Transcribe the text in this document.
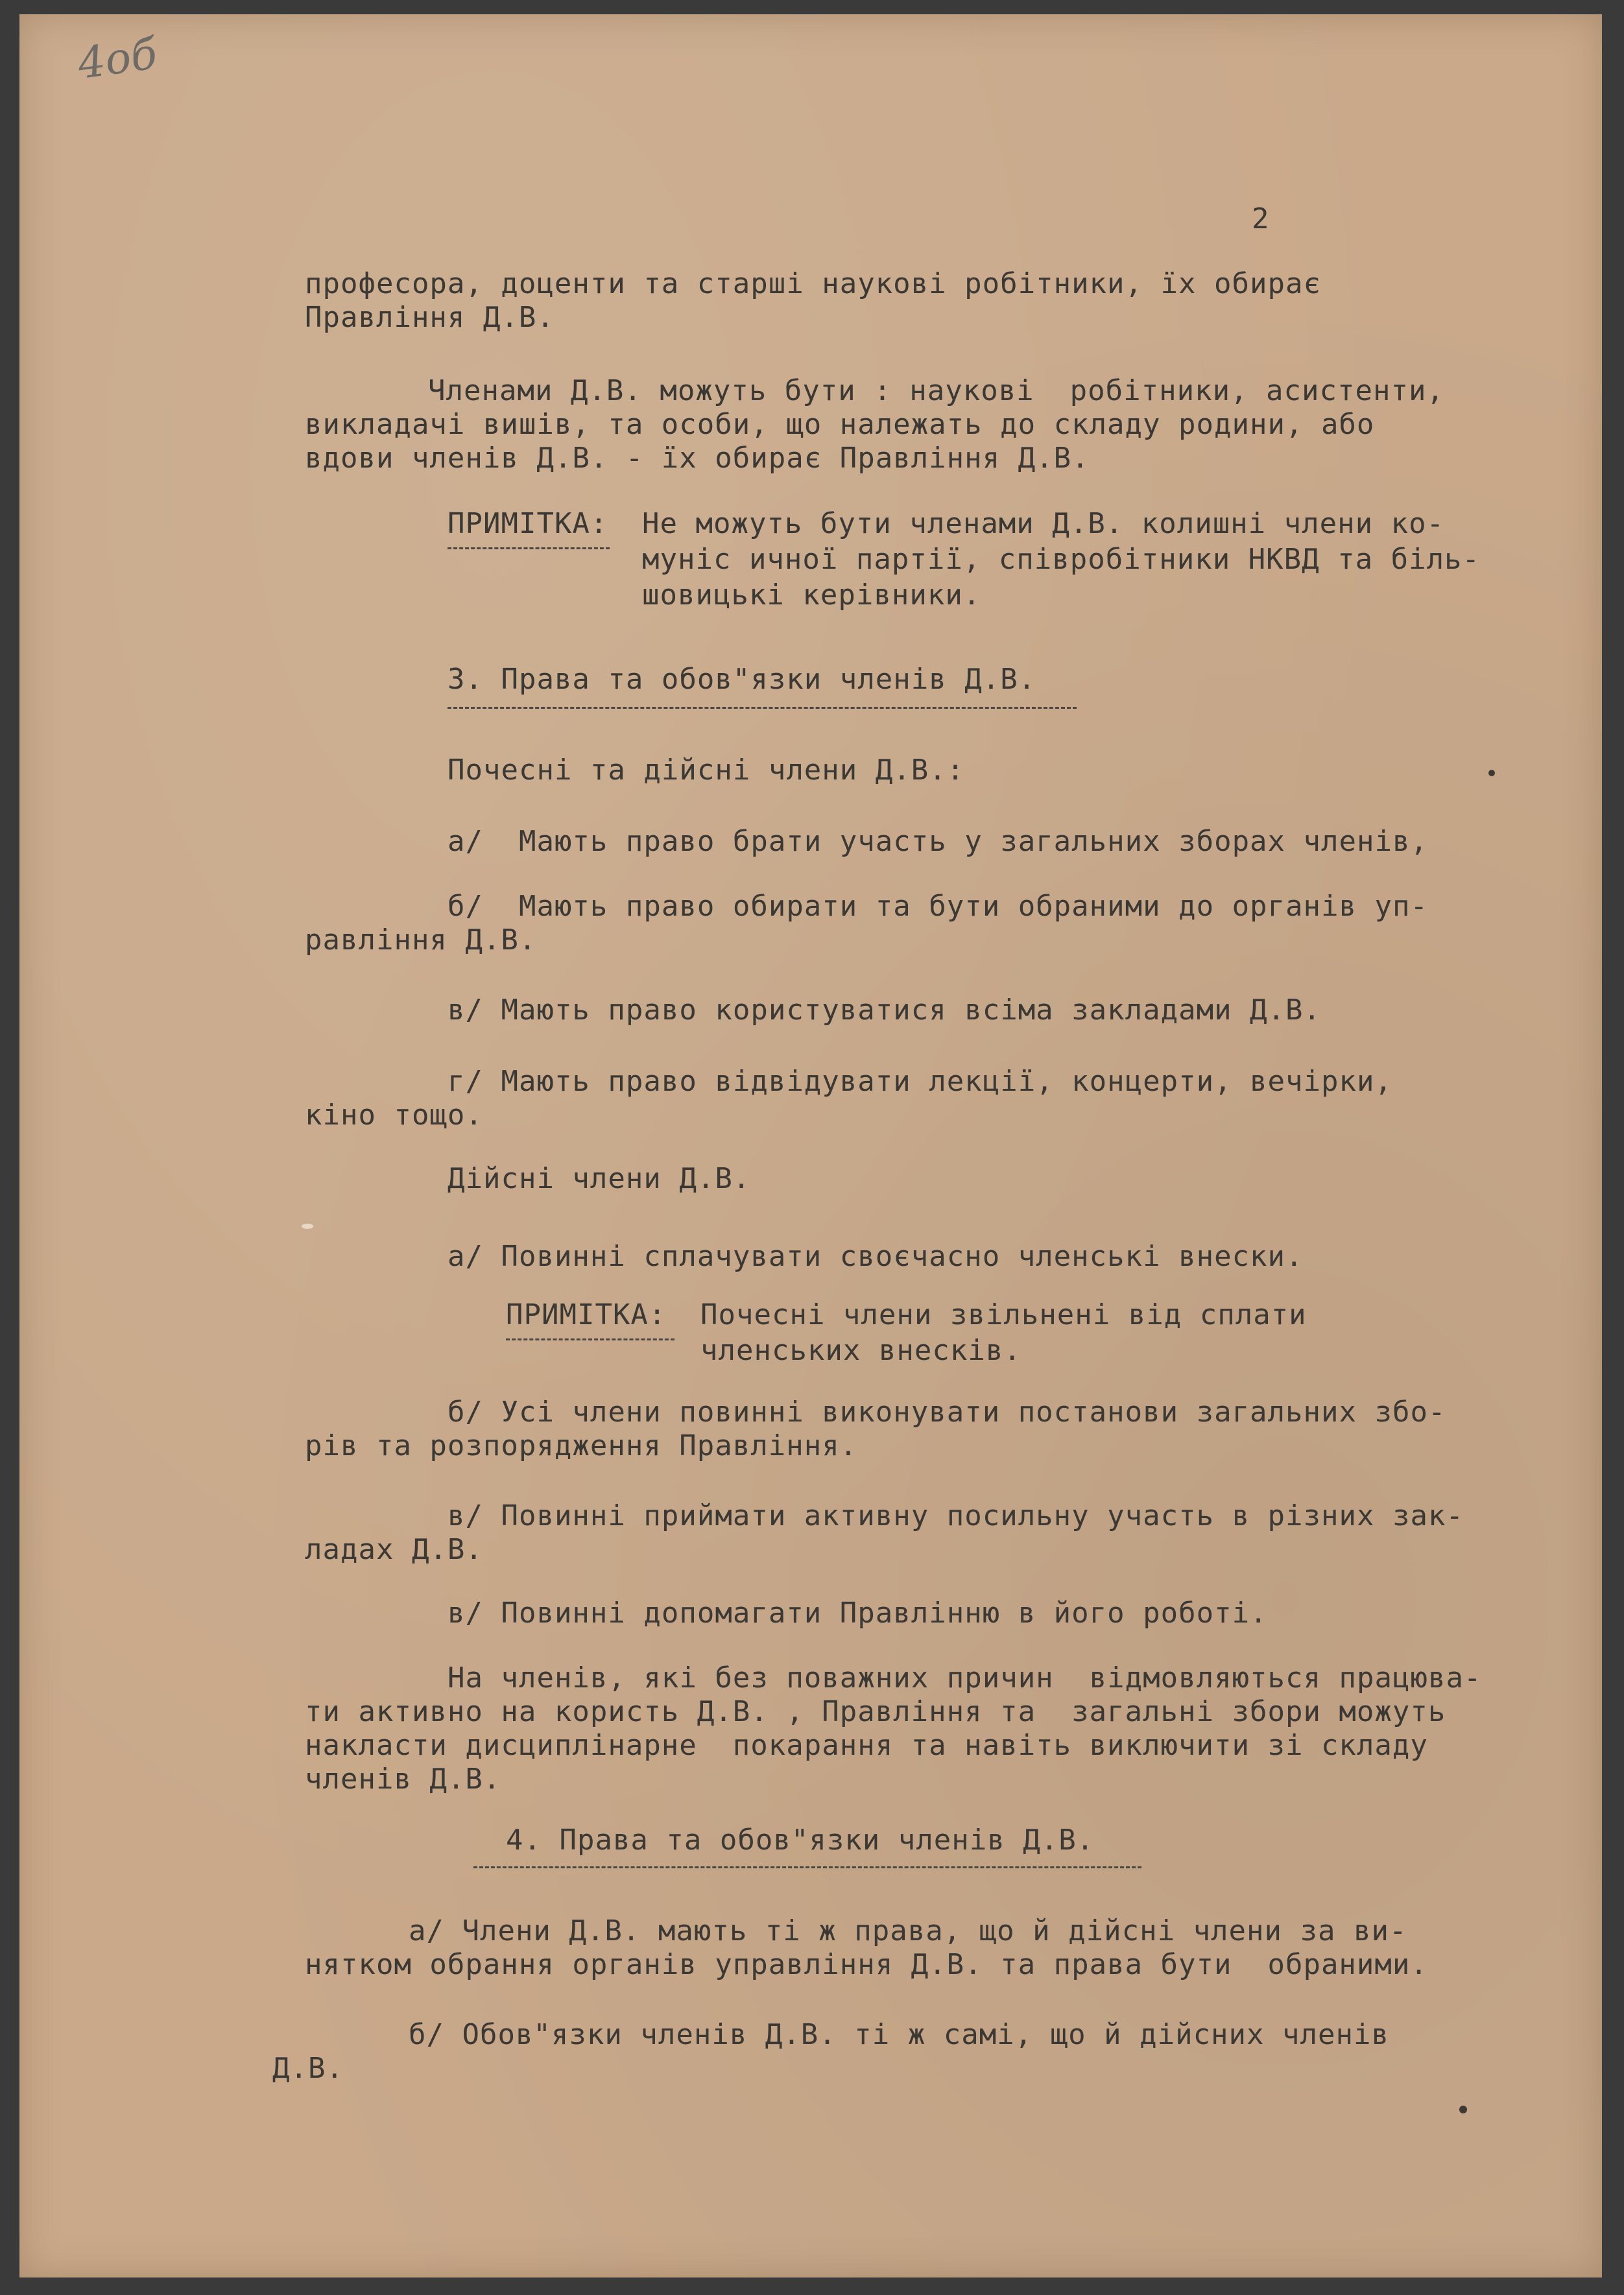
4об
2
професора, доценти та старші наукові робітники, їх обирає
Правління Д.В.
Членами Д.В. можуть бути : наукові  робітники, асистенти,
викладачі вишів, та особи, що належать до складу родини, або
вдови членів Д.В. - їх обирає Правління Д.В.
ПРИМІТКА: Не можуть бути членами Д.В. колишні члени ко-
муніс ичної партії, співробітники НКВД та біль-
шовицькі керівники.
3. Права та обов"язки членів Д.В.
Почесні та дійсні члени Д.В.:
а/  Мають право брати участь у загальних зборах членів,
б/  Мають право обирати та бути обраними до органів уп-
равління Д.В.
в/ Мають право користуватися всіма закладами Д.В.
г/ Мають право відвідувати лекції, концерти, вечірки,
кіно тощо.
Дійсні члени Д.В.
а/ Повинні сплачувати своєчасно членські внески.
ПРИМІТКА: Почесні члени звільнені від сплати
членських внесків.
б/ Усі члени повинні виконувати постанови загальних збо-
рів та розпорядження Правління.
в/ Повинні приймати активну посильну участь в різних зак-
ладах Д.В.
в/ Повинні допомагати Правлінню в його роботі.
На членів, які без поважних причин  відмовляються працюва-
ти активно на користь Д.В. , Правління та  загальні збори можуть
накласти дисциплінарне  покарання та навіть виключити зі складу
членів Д.В.
4. Права та обов"язки членів Д.В.
а/ Члени Д.В. мають ті ж права, що й дійсні члени за ви-
нятком обрання органів управління Д.В. та права бути  обраними.
б/ Обов"язки членів Д.В. ті ж самі, що й дійсних членів
Д.В.
